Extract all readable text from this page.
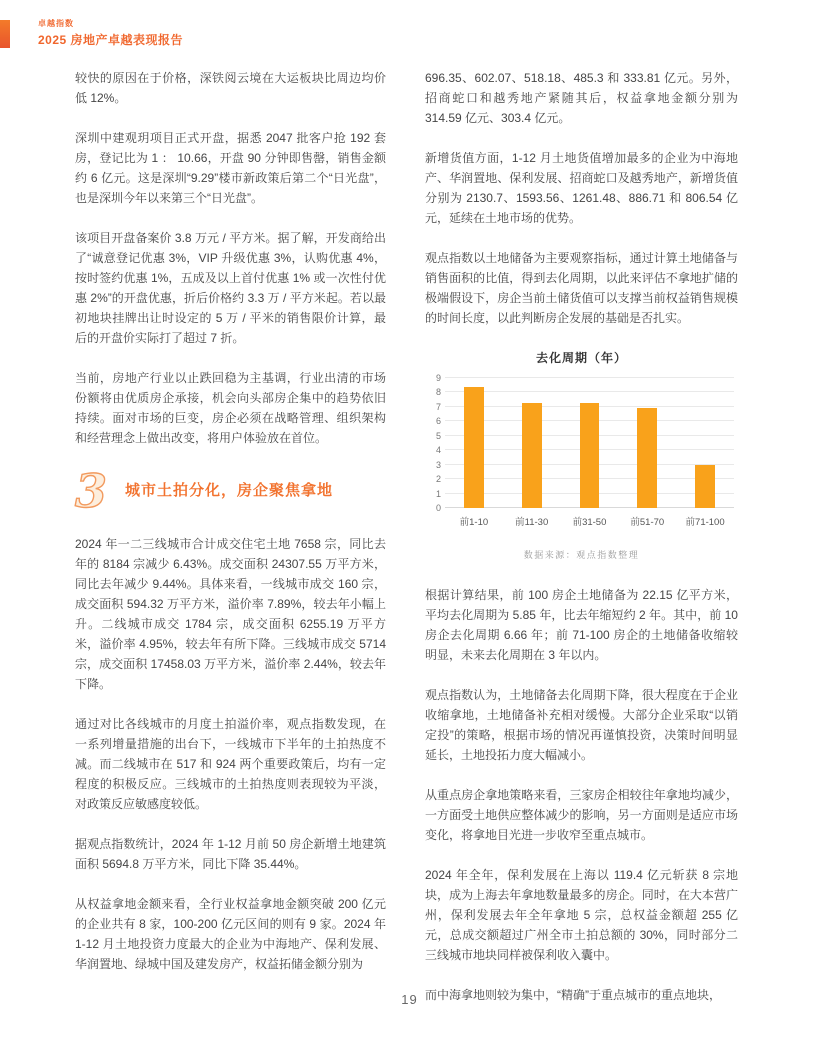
卓越指数
2025 房地产卓越表现报告

较快的原因在于价格，深铁阅云境在大运板块比周边均价低 12%。

深圳中建观玥项目正式开盘，据悉 2047 批客户抢 192 套房，登记比为 1 ： 10.66，开盘 90 分钟即售罄，销售金额约 6 亿元。这是深圳“9.29”楼市新政策后第二个“日光盘”，也是深圳今年以来第三个“日光盘”。

该项目开盘备案价 3.8 万元 / 平方米。据了解，开发商给出了“诚意登记优惠 3%，VIP 升级优惠 3%，认购优惠 4%，按时签约优惠 1%，五成及以上首付优惠 1% 或一次性付优惠 2%”的开盘优惠，折后价格约 3.3 万 / 平方米起。若以最初地块挂牌出让时设定的 5 万 / 平米的销售限价计算，最后的开盘价实际打了超过 7 折。

当前，房地产行业以止跌回稳为主基调，行业出清的市场份额将由优质房企承接，机会向头部房企集中的趋势依旧持续。面对市场的巨变，房企必须在战略管理、组织架构和经营理念上做出改变，将用户体验放在首位。

3 城市土拍分化，房企聚焦拿地

2024 年一二三线城市合计成交住宅土地 7658 宗，同比去年的 8184 宗减少 6.43%。成交面积 24307.55 万平方米，同比去年减少 9.44%。具体来看，一线城市成交 160 宗，成交面积 594.32 万平方米，溢价率 7.89%，较去年小幅上升。二线城市成交 1784 宗，成交面积 6255.19 万平方米，溢价率 4.95%，较去年有所下降。三线城市成交 5714 宗，成交面积 17458.03 万平方米，溢价率 2.44%，较去年下降。

通过对比各线城市的月度土拍溢价率，观点指数发现，在一系列增量措施的出台下，一线城市下半年的土拍热度不减。而二线城市在 517 和 924 两个重要政策后，均有一定程度的积极反应。三线城市的土拍热度则表现较为平淡，对政策反应敏感度较低。

据观点指数统计，2024 年 1-12 月前 50 房企新增土地建筑面积 5694.8 万平方米，同比下降 35.44%。

从权益拿地金额来看，全行业权益拿地金额突破 200 亿元的企业共有 8 家，100-200 亿元区间的则有 9 家。2024 年 1-12 月土地投资力度最大的企业为中海地产、保利发展、华润置地、绿城中国及建发房产，权益拓储金额分别为

696.35、602.07、518.18、485.3 和 333.81 亿元。另外，招商蛇口和越秀地产紧随其后，权益拿地金额分别为 314.59 亿元、303.4 亿元。

新增货值方面，1-12 月土地货值增加最多的企业为中海地产、华润置地、保利发展、招商蛇口及越秀地产，新增货值分别为 2130.7、1593.56、1261.48、886.71 和 806.54 亿元，延续在土地市场的优势。

观点指数以土地储备为主要观察指标，通过计算土地储备与销售面积的比值，得到去化周期，以此来评估不拿地扩储的极端假设下，房企当前土储货值可以支撑当前权益销售规模的时间长度，以此判断房企发展的基础是否扎实。

去化周期（年）
0
1
2
3
4
5
6
7
8
9
前1-10	前11-30	前31-50	前51-70	前71-100
数据来源：观点指数整理

根据计算结果，前 100 房企土地储备为 22.15 亿平方米，平均去化周期为 5.85 年，比去年缩短约 2 年。其中，前 10 房企去化周期 6.66 年；前 71-100 房企的土地储备收缩较明显，未来去化周期在 3 年以内。

观点指数认为，土地储备去化周期下降，很大程度在于企业收缩拿地，土地储备补充相对缓慢。大部分企业采取“以销定投”的策略，根据市场的情况再谨慎投资，决策时间明显延长，土地投拓力度大幅减小。

从重点房企拿地策略来看，三家房企相较往年拿地均减少，一方面受土地供应整体减少的影响，另一方面则是适应市场变化，将拿地目光进一步收窄至重点城市。

2024 年全年，保利发展在上海以 119.4 亿元斩获 8 宗地块，成为上海去年拿地数量最多的房企。同时，在大本营广州，保利发展去年全年拿地 5 宗，总权益金额超 255 亿元，总成交额超过广州全市土拍总额的 30%，同时部分二三线城市地块同样被保利收入囊中。

而中海拿地则较为集中，“精确”于重点城市的重点地块，

19
